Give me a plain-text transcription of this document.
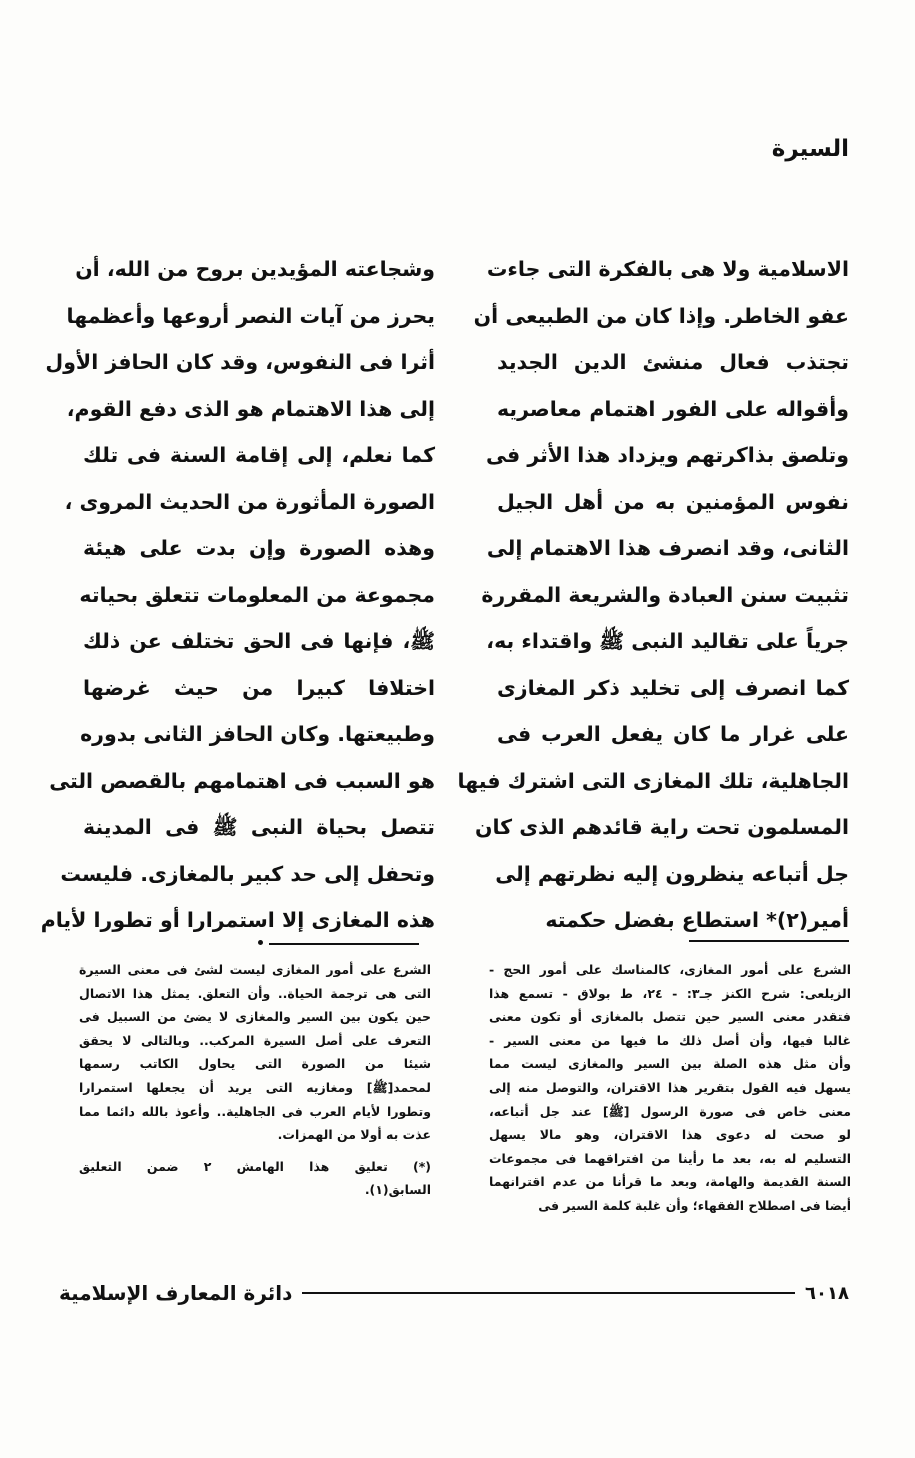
السيرة
الاسلامية ولا هى بالفكرة التى جاءت
عفو الخاطر. وإذا كان من الطبيعى أن
تجتذب فعال منشئ الدين الجديد
وأقواله على الفور اهتمام معاصريه
وتلصق بذاكرتهم ويزداد هذا الأثر فى
نفوس المؤمنين به من أهل الجيل
الثانى، وقد انصرف هذا الاهتمام إلى
تثبيت سنن العبادة والشريعة المقررة
جرياً على تقاليد النبى ﷺ واقتداء به،
كما انصرف إلى تخليد ذكر المغازى
على غرار ما كان يفعل العرب فى
الجاهلية، تلك المغازى التى اشترك فيها
المسلمون تحت راية قائدهم الذى كان
جل أتباعه ينظرون إليه نظرتهم إلى
أمير(٢)* استطاع بفضل حكمته
وشجاعته المؤيدين بروح من الله، أن
يحرز من آيات النصر أروعها وأعظمها
أثرا فى النفوس، وقد كان الحافز الأول
إلى هذا الاهتمام هو الذى دفع القوم،
كما نعلم، إلى إقامة السنة فى تلك
الصورة المأثورة من الحديث المروى ،
وهذه الصورة وإن بدت على هيئة
مجموعة من المعلومات تتعلق بحياته
ﷺ، فإنها فى الحق تختلف عن ذلك
اختلافا كبيرا من حيث غرضها
وطبيعتها. وكان الحافز الثانى بدوره
هو السبب فى اهتمامهم بالقصص التى
تتصل بحياة النبى ﷺ فى المدينة
وتحفل إلى حد كبير بالمغازى. فليست
هذه المغازى إلا استمرارا أو تطورا لأيام
الشرع على أمور المغازى، كالمناسك على أمور الحج -
الزيلعى: شرح الكنز جـ٣: - ٢٤، ط بولاق - تسمع هذا
فتقدر معنى السير حين تتصل بالمغازى أو تكون معنى
غالبا فيها، وأن أصل ذلك ما فيها من معنى السير -
وأن مثل هذه الصلة بين السير والمغازى ليست مما
يسهل فيه القول بتقرير هذا الاقتران، والتوصل منه إلى
معنى خاص فى صورة الرسول [ﷺ] عند جل أتباعه،
لو صحت له دعوى هذا الاقتران، وهو مالا يسهل
التسليم له به، بعد ما رأينا من افتراقهما فى مجموعات
السنة القديمة والهامة، وبعد ما قرأنا من عدم اقترانهما
أيضا فى اصطلاح الفقهاء؛ وأن غلبة كلمة السير فى
الشرع على أمور المغازى ليست لشئ فى معنى السيرة
التى هى ترجمة الحياة.. وأن التعلق. يمثل هذا الاتصال
حين يكون بين السير والمغازى لا يضئ من السبيل فى
التعرف على أصل السيرة المركب.. وبالتالى لا يحقق
شيئا من الصورة التى يحاول الكاتب رسمها
لمحمد[ﷺ] ومغازيه التى يريد أن يجعلها استمرارا
وتطورا لأيام العرب فى الجاهلية.. وأعوذ بالله دائما مما
عذت به أولا من الهمزات.
(*) تعليق هذا الهامش ٢ ضمن التعليق
السابق(١).
٦٠١٨
دائرة المعارف الإسلامية
